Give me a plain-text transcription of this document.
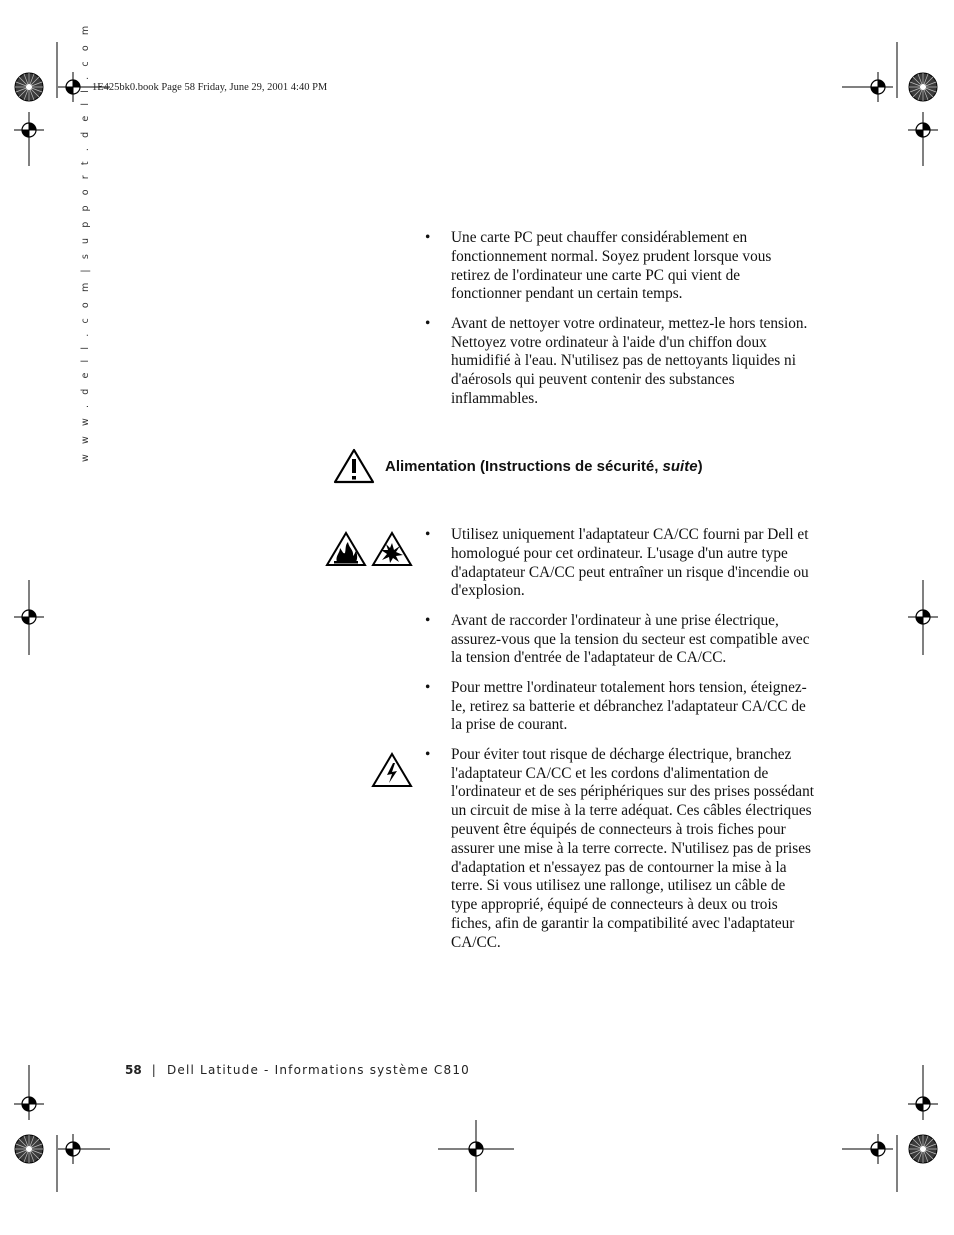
1E425bk0.book Page 58 Friday, June 29, 2001 4:40 PM
w w w . d e l l . c o m | s u p p o r t . d e l l . c o m
•	Une carte PC peut chauffer considérablement en fonctionnement normal. Soyez prudent lorsque vous retirez de l'ordinateur une carte PC qui vient de fonctionner pendant un certain temps.
• Avant de nettoyer votre ordinateur, mettez-le hors tension. Nettoyez votre ordinateur à l'aide d'un chiffon doux humidifié à l'eau. N'utilisez pas de nettoyants liquides ni d'aérosols qui peuvent contenir des substances inflammables.
Alimentation (Instructions de sécurité, suite)
• Utilisez uniquement l'adaptateur CA/CC fourni par Dell et homologué pour cet ordinateur. L'usage d'un autre type d'adaptateur CA/CC peut entraîner un risque d'incendie ou d'explosion.
• Avant de raccorder l'ordinateur à une prise électrique, assurez-vous que la tension du secteur est compatible avec la tension d'entrée de l'adaptateur de CA/CC.
• Pour mettre l'ordinateur totalement hors tension, éteignez-le, retirez sa batterie et débranchez l'adaptateur CA/CC de la prise de courant.
• Pour éviter tout risque de décharge électrique, branchez l'adaptateur CA/CC et les cordons d'alimentation de l'ordinateur et de ses périphériques sur des prises possédant un circuit de mise à la terre adéquat. Ces câbles électriques peuvent être équipés de connecteurs à trois fiches pour assurer une mise à la terre correcte. N'utilisez pas de prises d'adaptation et n'essayez pas de contourner la mise à la terre. Si vous utilisez une rallonge, utilisez un câble de type approprié, équipé de connecteurs à deux ou trois fiches, afin de garantir la compatibilité avec l'adaptateur CA/CC.
58 | Dell Latitude - Informations système C810
